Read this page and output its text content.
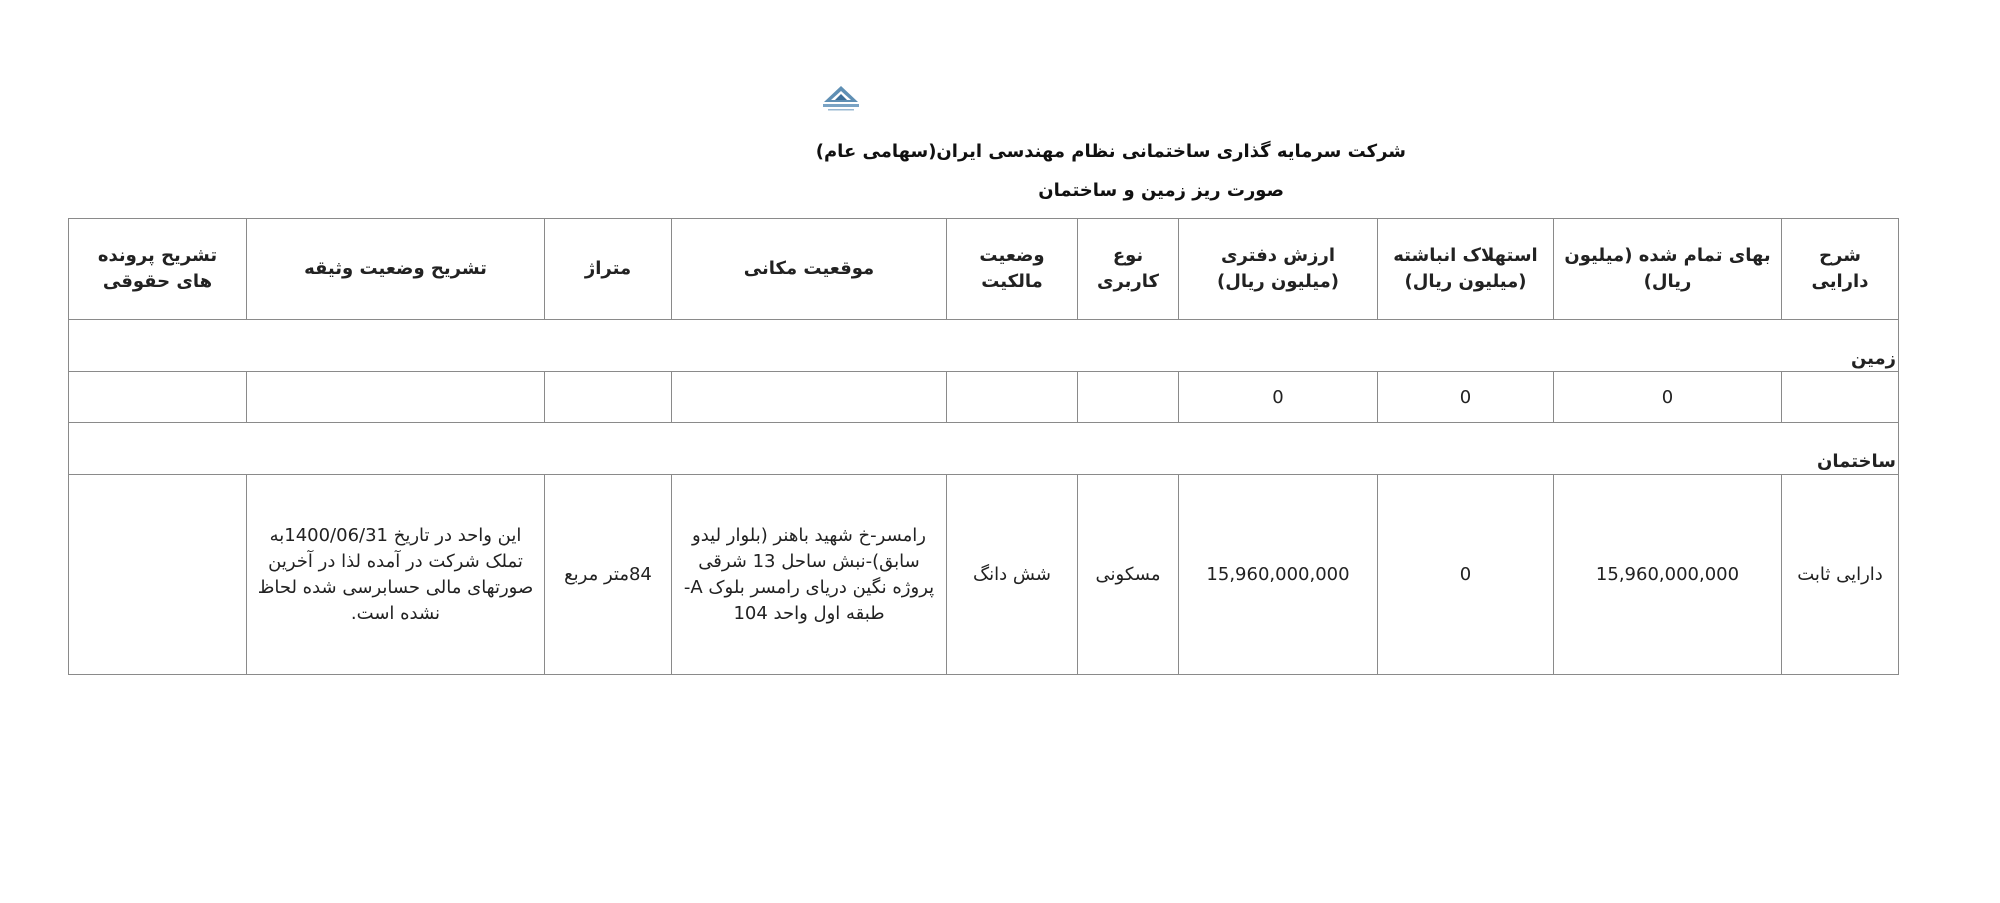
شرکت سرمایه گذاری ساختمانی نظام مهندسی ایران(سهامی عام)
صورت ریز زمین و ساختمان
شرح دارایی	بهای تمام شده (میلیون ریال)	استهلاک انباشته (میلیون ریال)	ارزش دفتری (میلیون ریال)	نوع کاربری	وضعیت مالکیت	موقعیت مکانی	متراژ	تشریح وضعیت وثیقه	تشریح پرونده های حقوقی
زمین									
	0	0	0						
ساختمان									
دارایی ثابت	15,960,000,000	0	15,960,000,000	مسکونی	شش دانگ	رامسر-خ شهید باهنر (بلوار لیدو سابق)-نبش ساحل 13 شرقی پروژه نگین دریای رامسر بلوک A- طبقه اول واحد 104	84متر مربع	این واحد در تاریخ 1400/06/31به تملک شرکت در آمده لذا در آخرین صورتهای مالی حسابرسی شده لحاظ نشده است.	
